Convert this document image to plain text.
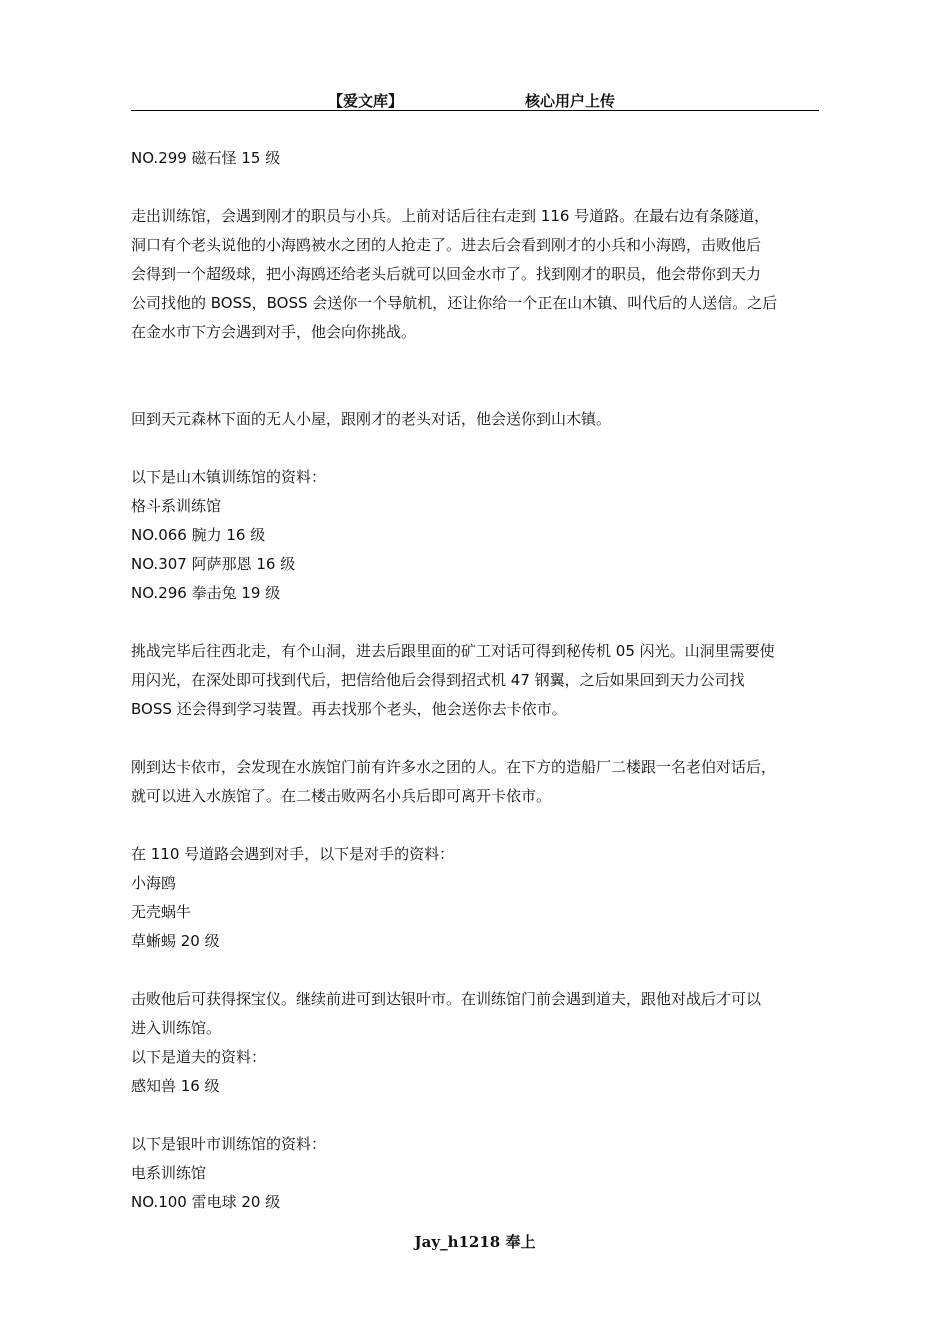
【爱文库】	核心用户上传

NO.299 磁石怪 15 级

走出训练馆，会遇到刚才的职员与小兵。上前对话后往右走到 116 号道路。在最右边有条隧道，

洞口有个老头说他的小海鸥被水之团的人抢走了。进去后会看到刚才的小兵和小海鸥，击败他后

会得到一个超级球，把小海鸥还给老头后就可以回金水市了。找到刚才的职员，他会带你到天力

公司找他的 BOSS，BOSS 会送你一个导航机，还让你给一个正在山木镇、叫代后的人送信。之后

在金水市下方会遇到对手，他会向你挑战。

回到天元森林下面的无人小屋，跟刚才的老头对话，他会送你到山木镇。

以下是山木镇训练馆的资料：

格斗系训练馆

NO.066 腕力 16 级

NO.307 阿萨那恩 16 级

NO.296 拳击兔 19 级

挑战完毕后往西北走，有个山洞，进去后跟里面的矿工对话可得到秘传机 05 闪光。山洞里需要使

用闪光，在深处即可找到代后，把信给他后会得到招式机 47 钢翼，之后如果回到天力公司找

BOSS 还会得到学习装置。再去找那个老头，他会送你去卡依市。

刚到达卡依市，会发现在水族馆门前有许多水之团的人。在下方的造船厂二楼跟一名老伯对话后，

就可以进入水族馆了。在二楼击败两名小兵后即可离开卡依市。

在 110 号道路会遇到对手，以下是对手的资料：

小海鸥

无壳蜗牛

草蜥蜴 20 级

击败他后可获得探宝仪。继续前进可到达银叶市。在训练馆门前会遇到道夫，跟他对战后才可以

进入训练馆。

以下是道夫的资料：

感知兽 16 级

以下是银叶市训练馆的资料：

电系训练馆

NO.100 雷电球 20 级

Jay_h1218 奉上
